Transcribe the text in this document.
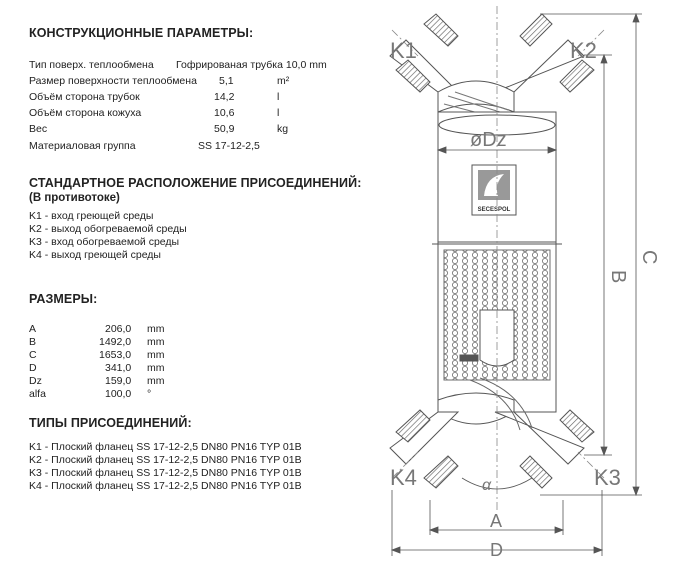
КОНСТРУКЦИОННЫЕ ПАРАМЕТРЫ:
Тип поверх. теплообмена Гофрированая трубка 10,0 mm
Размер поверхности теплообмена 5,1	m²
Объём сторона трубок	14,2	l
Объём сторона кожуха	10,6	l
Вес	50,9	kg
Материаловая группа	SS 17-12-2,5
СТАНДАРТНОЕ РАСПОЛОЖЕНИЕ ПРИСОЕДИНЕНИЙ:
(В противотоке)
K1 - вход греющей среды
K2 - выход обогреваемой среды
K3 - вход обогреваемой среды
K4 - выход греющей среды
РАЗМЕРЫ:
A	206,0 mm
B	1492,0 mm
C	1653,0 mm
D	341,0 mm
Dz	159,0 mm
alfa	100,0 °
ТИПЫ ПРИСОЕДИНЕНИЙ:
K1 - Плоский фланец SS 17-12-2,5 DN80 PN16 TYP 01B
K2 - Плоский фланец SS 17-12-2,5 DN80 PN16 TYP 01B
K3 - Плоский фланец SS 17-12-2,5 DN80 PN16 TYP 01B
K4 - Плоский фланец SS 17-12-2,5 DN80 PN16 TYP 01B
SECESPOL
K1	K2
K4	K3
øDz
A
D
α
B
C
